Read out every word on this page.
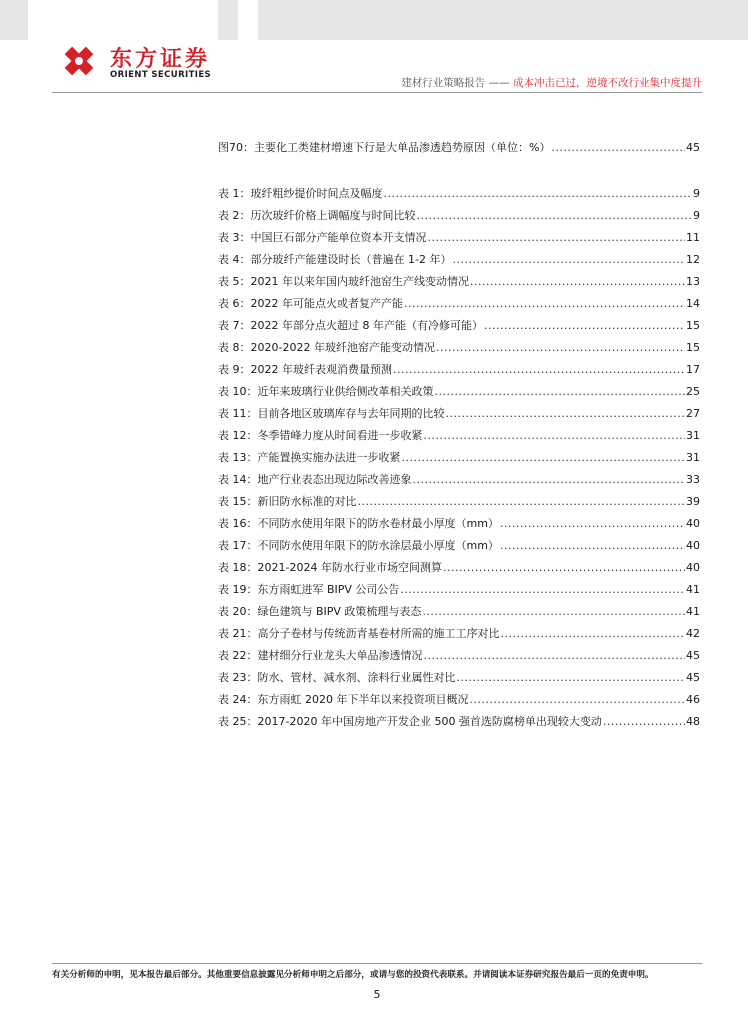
东方证券
ORIENT SECURITIES
建材行业策略报告 —— 成本冲击已过，逆境不改行业集中度提升
图70：主要化工类建材增速下行是大单品渗透趋势原因（单位：%） .....	45
表 1：玻纤粗纱提价时间点及幅度 .....	9
表 2：历次玻纤价格上调幅度与时间比较 .....	9
表 3：中国巨石部分产能单位资本开支情况 .....	11
表 4：部分玻纤产能建设时长（普遍在 1-2 年） .....	12
表 5：2021 年以来年国内玻纤池窑生产线变动情况 .....	13
表 6：2022 年可能点火或者复产产能 .....	14
表 7：2022 年部分点火超过 8 年产能（有冷修可能） .....	15
表 8：2020-2022 年玻纤池窑产能变动情况 .....	15
表 9：2022 年玻纤表观消费量预测 .....	17
表 10：近年来玻璃行业供给侧改革相关政策 .....	25
表 11：目前各地区玻璃库存与去年同期的比较 .....	27
表 12：冬季错峰力度从时间看进一步收紧 .....	31
表 13：产能置换实施办法进一步收紧 .....	31
表 14：地产行业表态出现边际改善迹象 .....	33
表 15：新旧防水标准的对比 .....	39
表 16：不同防水使用年限下的防水卷材最小厚度（mm） .....	40
表 17：不同防水使用年限下的防水涂层最小厚度（mm） .....	40
表 18：2021-2024 年防水行业市场空间测算 .....	40
表 19：东方雨虹进军 BIPV 公司公告 .....	41
表 20：绿色建筑与 BIPV 政策梳理与表态 .....	41
表 21：高分子卷材与传统沥青基卷材所需的施工工序对比 .....	42
表 22：建材细分行业龙头大单品渗透情况 .....	45
表 23：防水、管材、减水剂、涂料行业属性对比 .....	45
表 24：东方雨虹 2020 年下半年以来投资项目概况 .....	46
表 25：2017-2020 年中国房地产开发企业 500 强首选防腐榜单出现较大变动 .....	48
有关分析师的申明，见本报告最后部分。其他重要信息披露见分析师申明之后部分，或请与您的投资代表联系。并请阅读本证券研究报告最后一页的免责申明。
5
